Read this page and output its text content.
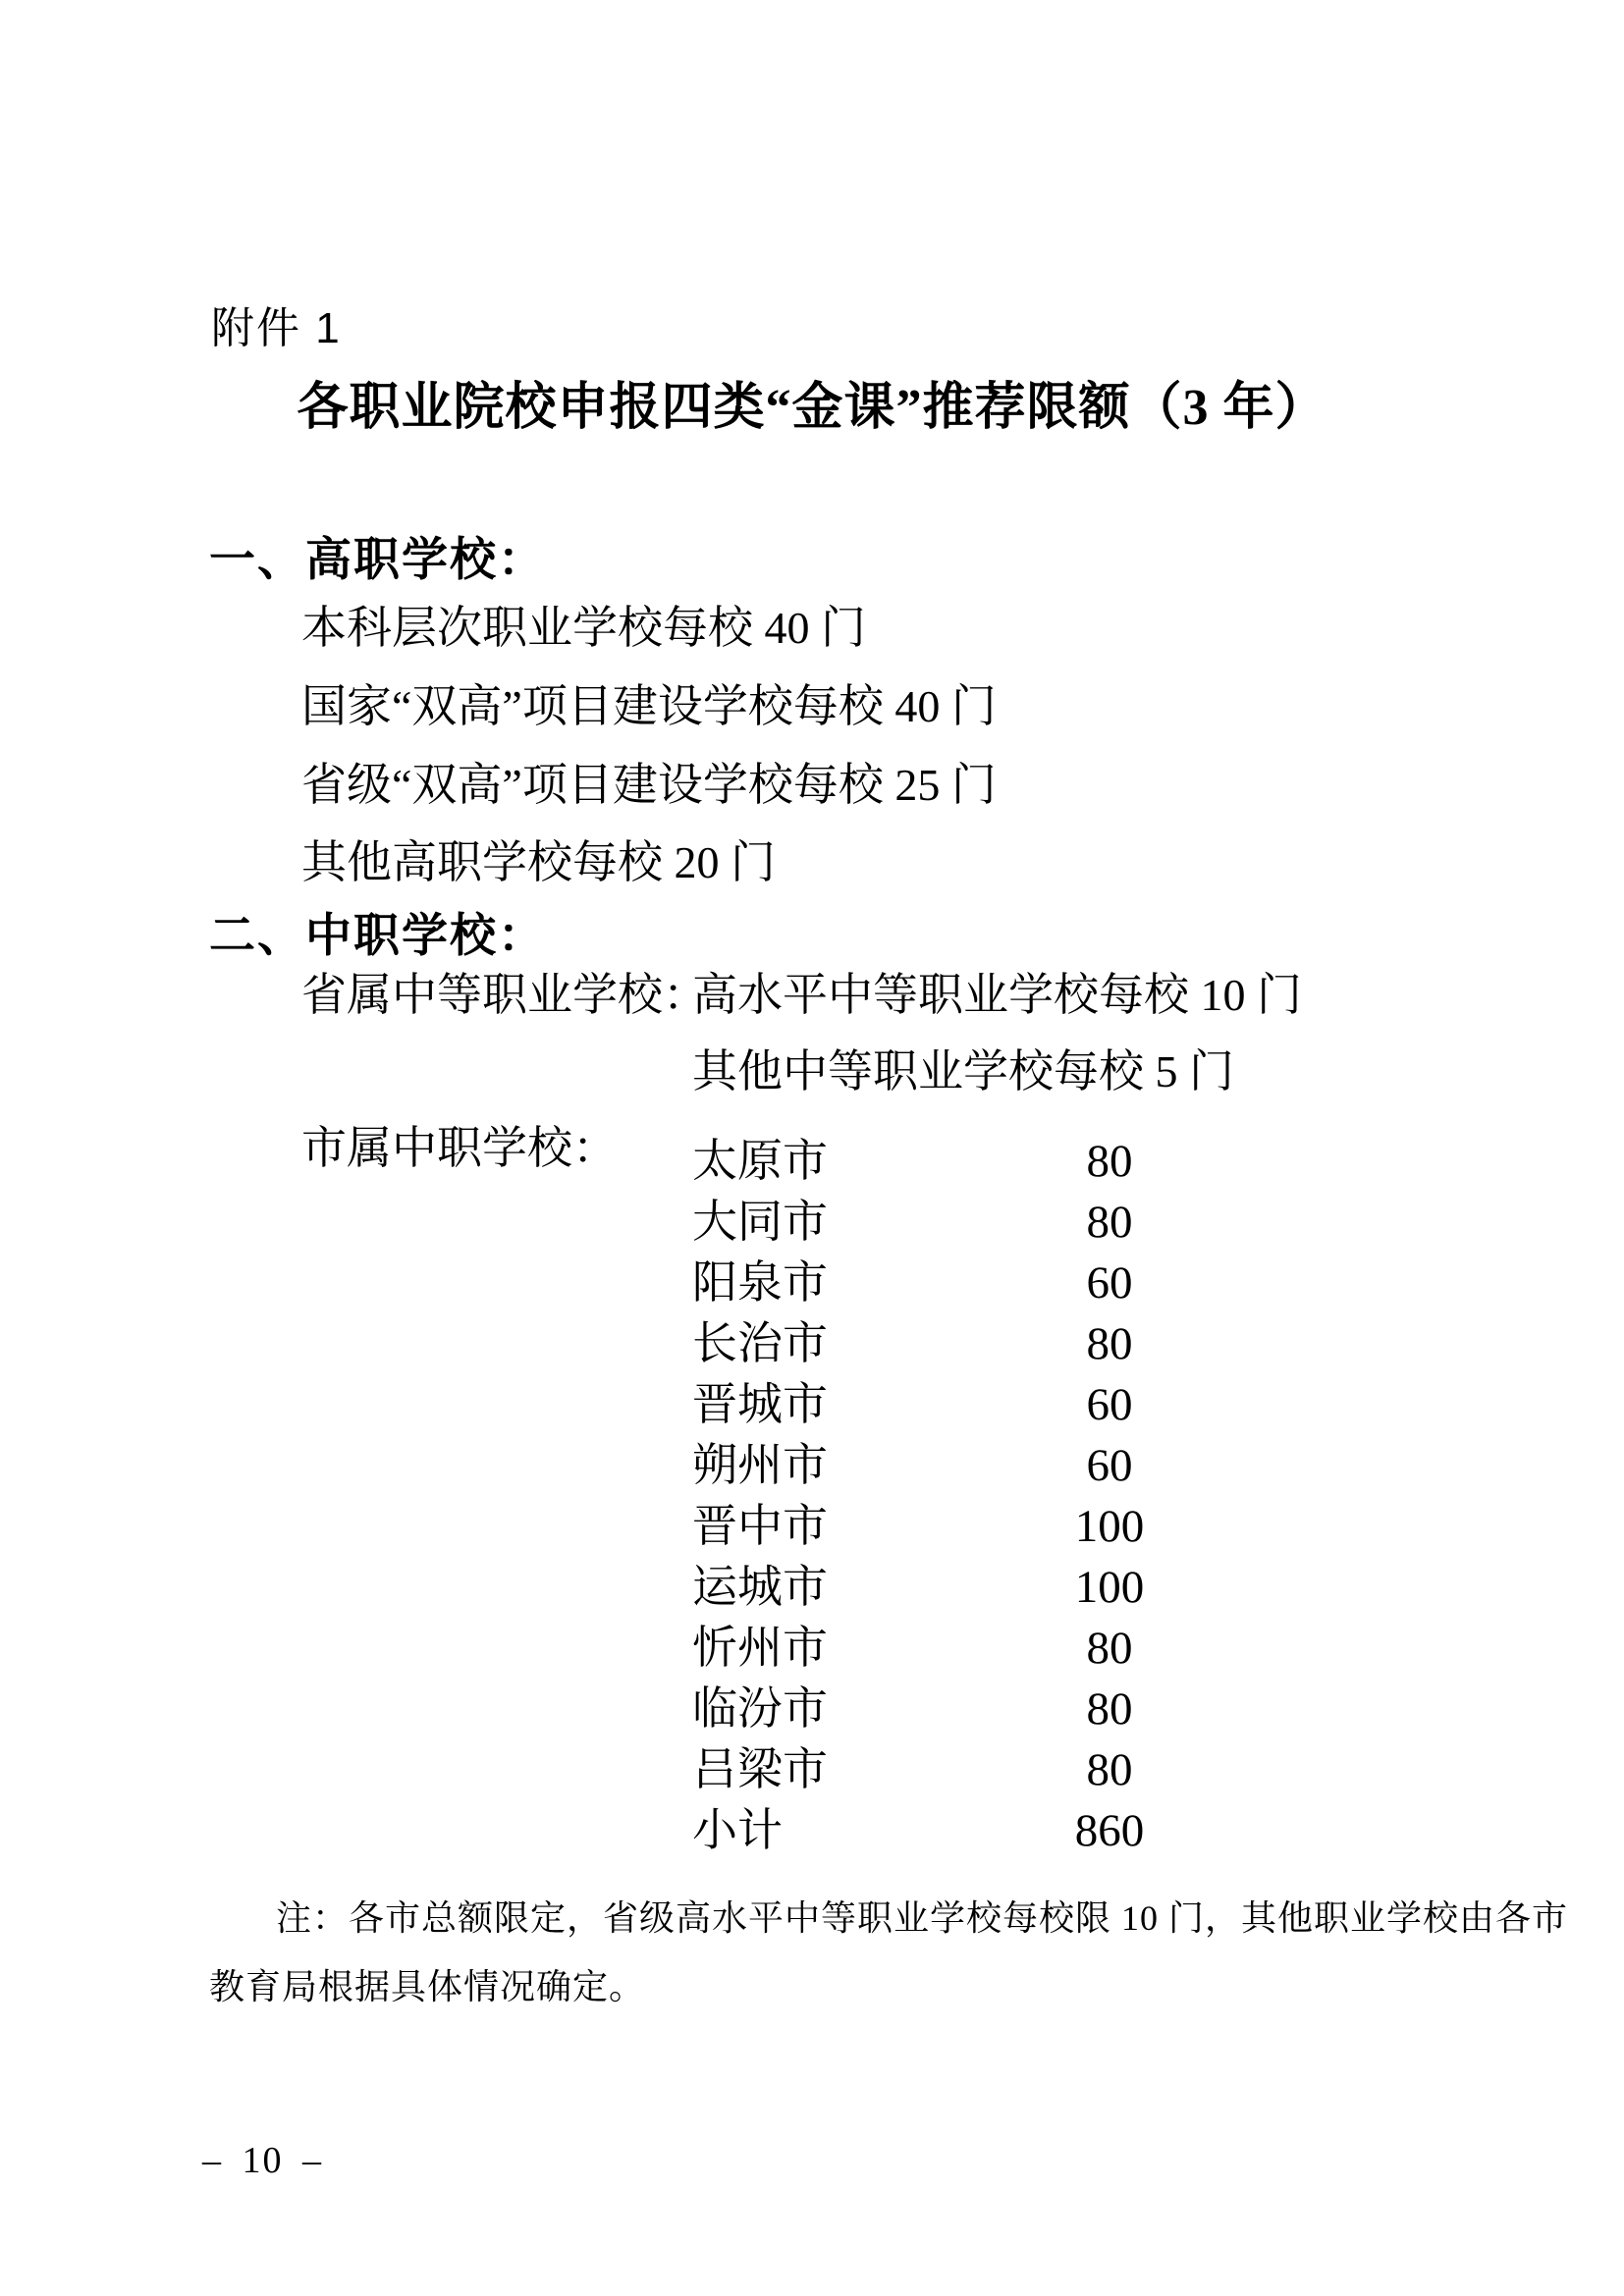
附件 1
各职业院校申报四类“金课”推荐限额（3 年）
一、高职学校：
本科层次职业学校每校 40 门
国家“双高”项目建设学校每校 40 门
省级“双高”项目建设学校每校 25 门
其他高职学校每校 20 门
二、中职学校：
省属中等职业学校：
高水平中等职业学校每校 10 门
其他中等职业学校每校 5 门
市属中职学校： 太原市	80
大同市	80
阳泉市	60
长治市	80
晋城市	60
朔州市	60
晋中市	100
运城市	100
忻州市	80
临汾市	80
吕梁市	80
小计	860
注：各市总额限定，省级高水平中等职业学校每校限 10 门，其他职业学校由各市
教育局根据具体情况确定。
– 10 –
